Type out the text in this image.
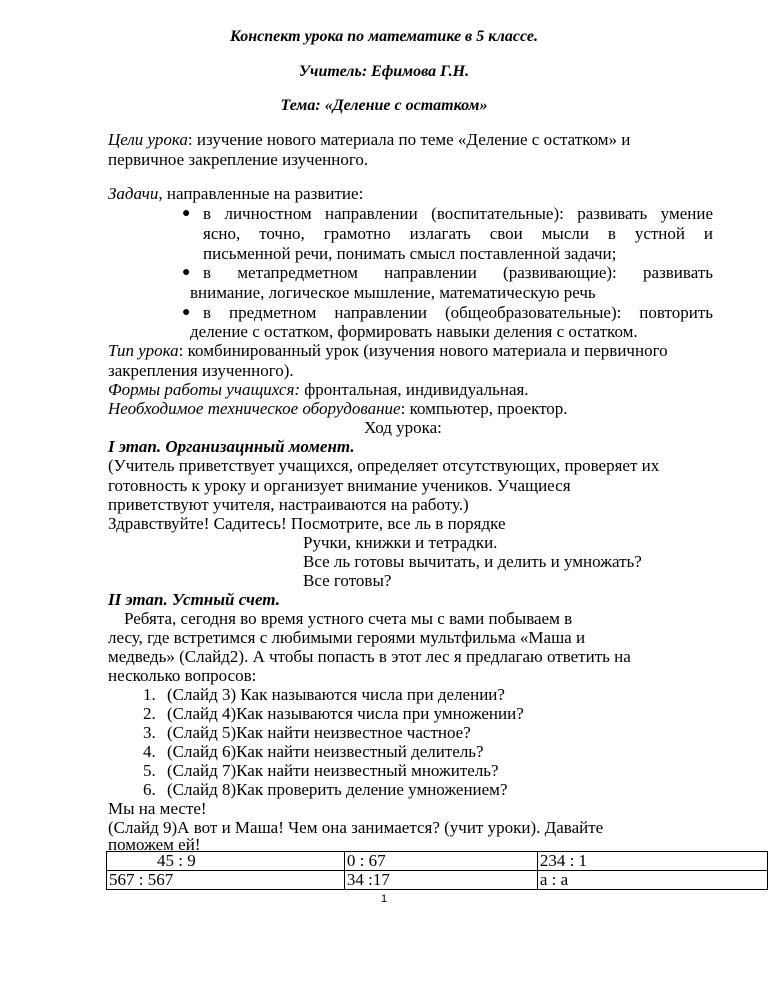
Конспект урока по математике в 5 классе.
Учитель: Ефимова Г.Н.
Тема: «Деление с остатком»
Цели урока: изучение нового материала по теме «Деление с остатком» и
первичное закрепление изученного.
Задачи, направленные на развитие:
● в личностном направлении (воспитательные): развивать умение
ясно, точно, грамотно излагать свои мысли в устной и
письменной речи, понимать смысл поставленной задачи;
● в метапредметном направлении (развивающие): развивать
внимание, логическое мышление, математическую речь
● в предметном направлении (общеобразовательные): повторить
деление с остатком, формировать навыки деления с остатком.
Тип урока: комбинированный урок (изучения нового материала и первичного
закрепления изученного).
Формы работы учащихся: фронтальная, индивидуальная.
Необходимое техническое оборудование: компьютер, проектор.
Ход урока:
I этап. Организацнный момент.
(Учитель приветствует учащихся, определяет отсутствующих, проверяет их
готовность к уроку и организует внимание учеников. Учащиеся
приветствуют учителя, настраиваются на работу.)
Здравствуйте! Садитесь! Посмотрите, все ль в порядке
Ручки, книжки и тетрадки.
Все ль готовы вычитать, и делить и умножать?
Все готовы?
II этап. Устный счет.
Ребята, сегодня во время устного счета мы с вами побываем в
лесу, где встретимся с любимыми героями мультфильма «Маша и
медведь» (Слайд2). А чтобы попасть в этот лес я предлагаю ответить на
несколько вопросов:
1. (Слайд 3) Как называются числа при делении?
2. (Слайд 4)Как называются числа при умножении?
3. (Слайд 5)Как найти неизвестное частное?
4. (Слайд 6)Как найти неизвестный делитель?
5. (Слайд 7)Как найти неизвестный множитель?
6. (Слайд 8)Как проверить деление умножением?
Мы на месте!
(Слайд 9)А вот и Маша! Чем она занимается? (учит уроки). Давайте
поможем ей!
45 : 9	0 : 67	234 : 1
567 : 567	34 :17	а : а
1
